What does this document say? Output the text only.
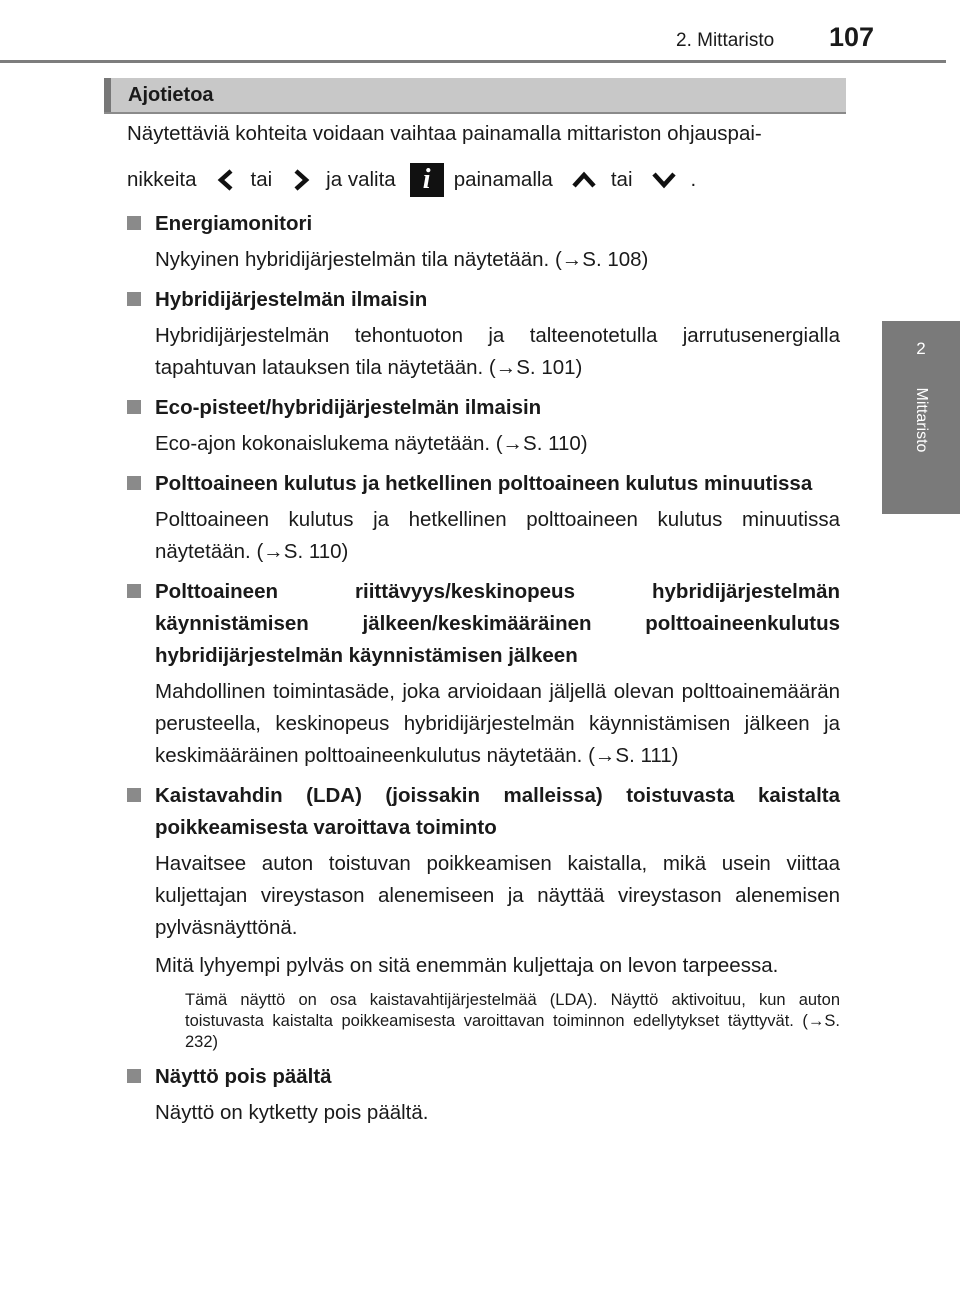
2. Mittaristo 107
2
Mittaristo
Ajotietoa

Näytettäviä kohteita voidaan vaihtaa painamalla mittariston ohjauspai-

nikkeita	tai	ja valita i	painamalla	tai	.
Energiamonitori
Nykyinen hybridijärjestelmän tila näytetään. (→S. 108)
Hybridijärjestelmän ilmaisin
Hybridijärjestelmän tehontuoton ja talteenotetulla jarrutusenergialla tapahtuvan latauksen tila näytetään. (→S. 101)
Eco-pisteet/hybridijärjestelmän ilmaisin
Eco-ajon kokonaislukema näytetään. (→S. 110)
Polttoaineen kulutus ja hetkellinen polttoaineen kulutus minuutissa
Polttoaineen kulutus ja hetkellinen polttoaineen kulutus minuutissa näytetään. (→S. 110)
Polttoaineen riittävyys/keskinopeus hybridijärjestelmän käynnistämisen jälkeen/keskimääräinen polttoaineenkulutus hybridijärjestelmän käynnistämisen jälkeen
Mahdollinen toimintasäde, joka arvioidaan jäljellä olevan polttoainemäärän perusteella, keskinopeus hybridijärjestelmän käynnistämisen jälkeen ja keskimääräinen polttoaineenkulutus näytetään. (→S. 111)
Kaistavahdin (LDA) (joissakin malleissa) toistuvasta kaistalta poikkeamisesta varoittava toiminto

Havaitsee auton toistuvan poikkeamisen kaistalla, mikä usein viittaa kuljettajan vireystason alenemiseen ja näyttää vireystason alenemisen pylväsnäyttönä.

Mitä lyhyempi pylväs on sitä enemmän kuljettaja on levon tarpeessa.

Tämä näyttö on osa kaistavahtijärjestelmää (LDA). Näyttö aktivoituu, kun auton toistuvasta kaistalta poikkeamisesta varoittavan toiminnon edellytykset täyttyvät. (→S. 232)
Näyttö pois päältä
Näyttö on kytketty pois päältä.
